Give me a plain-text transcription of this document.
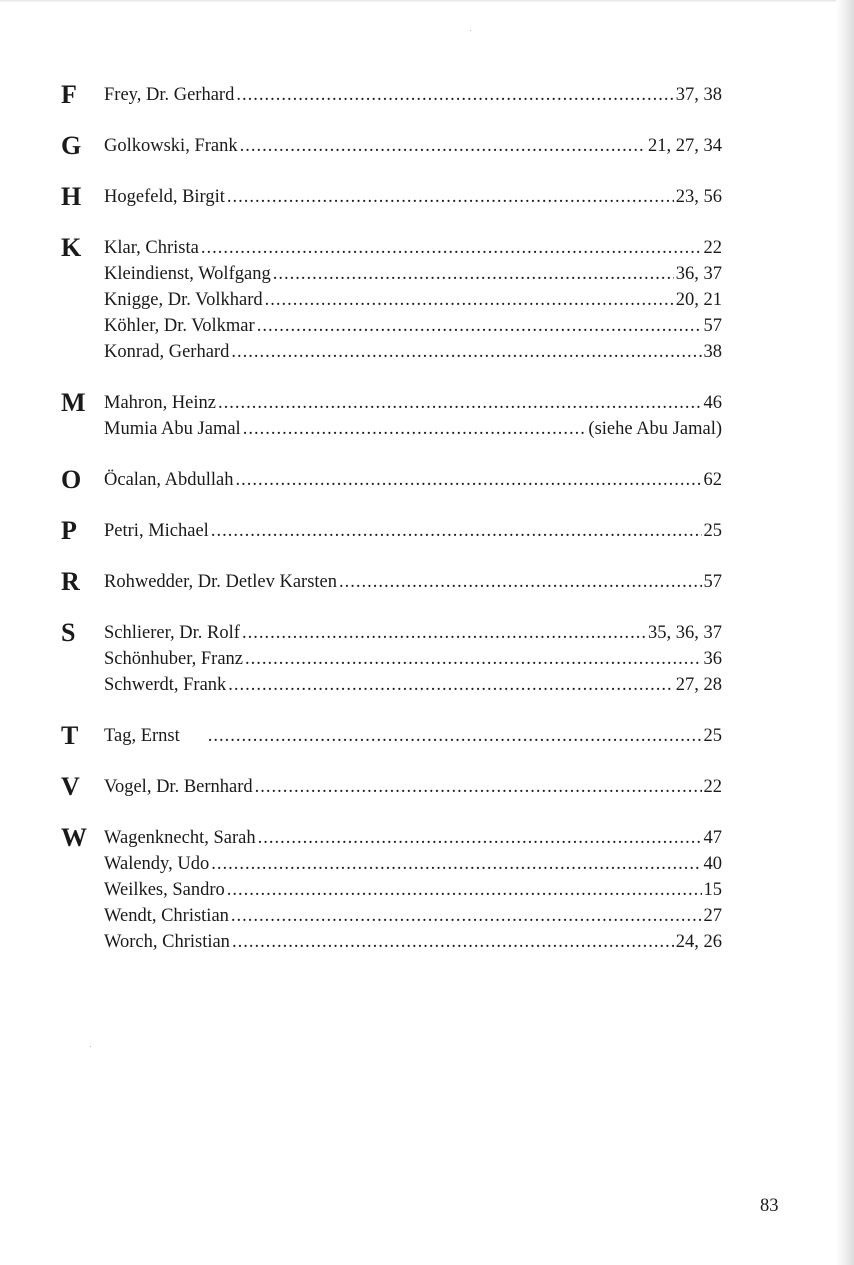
F Frey, Dr. Gerhard .....	37, 38
G Golkowski, Frank .....	21, 27, 34
H Hogefeld, Birgit .....	23, 56
K Klar, Christa .....	22
Kleindienst, Wolfgang .....	36, 37
Knigge, Dr. Volkhard .....	20, 21
Köhler, Dr. Volkmar .....	57
Konrad, Gerhard .....	38
M Mahron, Heinz .....	46
Mumia Abu Jamal .....	(siehe Abu Jamal)
O Öcalan, Abdullah .....	62
P Petri, Michael .....	25
R Rohwedder, Dr. Detlev Karsten .....	57
S Schlierer, Dr. Rolf .....	35, 36, 37
Schönhuber, Franz .....	36
Schwerdt, Frank .....	27, 28
T Tag, Ernst .....	25
V Vogel, Dr. Bernhard .....	22
W Wagenknecht, Sarah .....	47
Walendy, Udo .....	40
Weilkes, Sandro .....	15
Wendt, Christian .....	27
Worch, Christian .....	24, 26
83
